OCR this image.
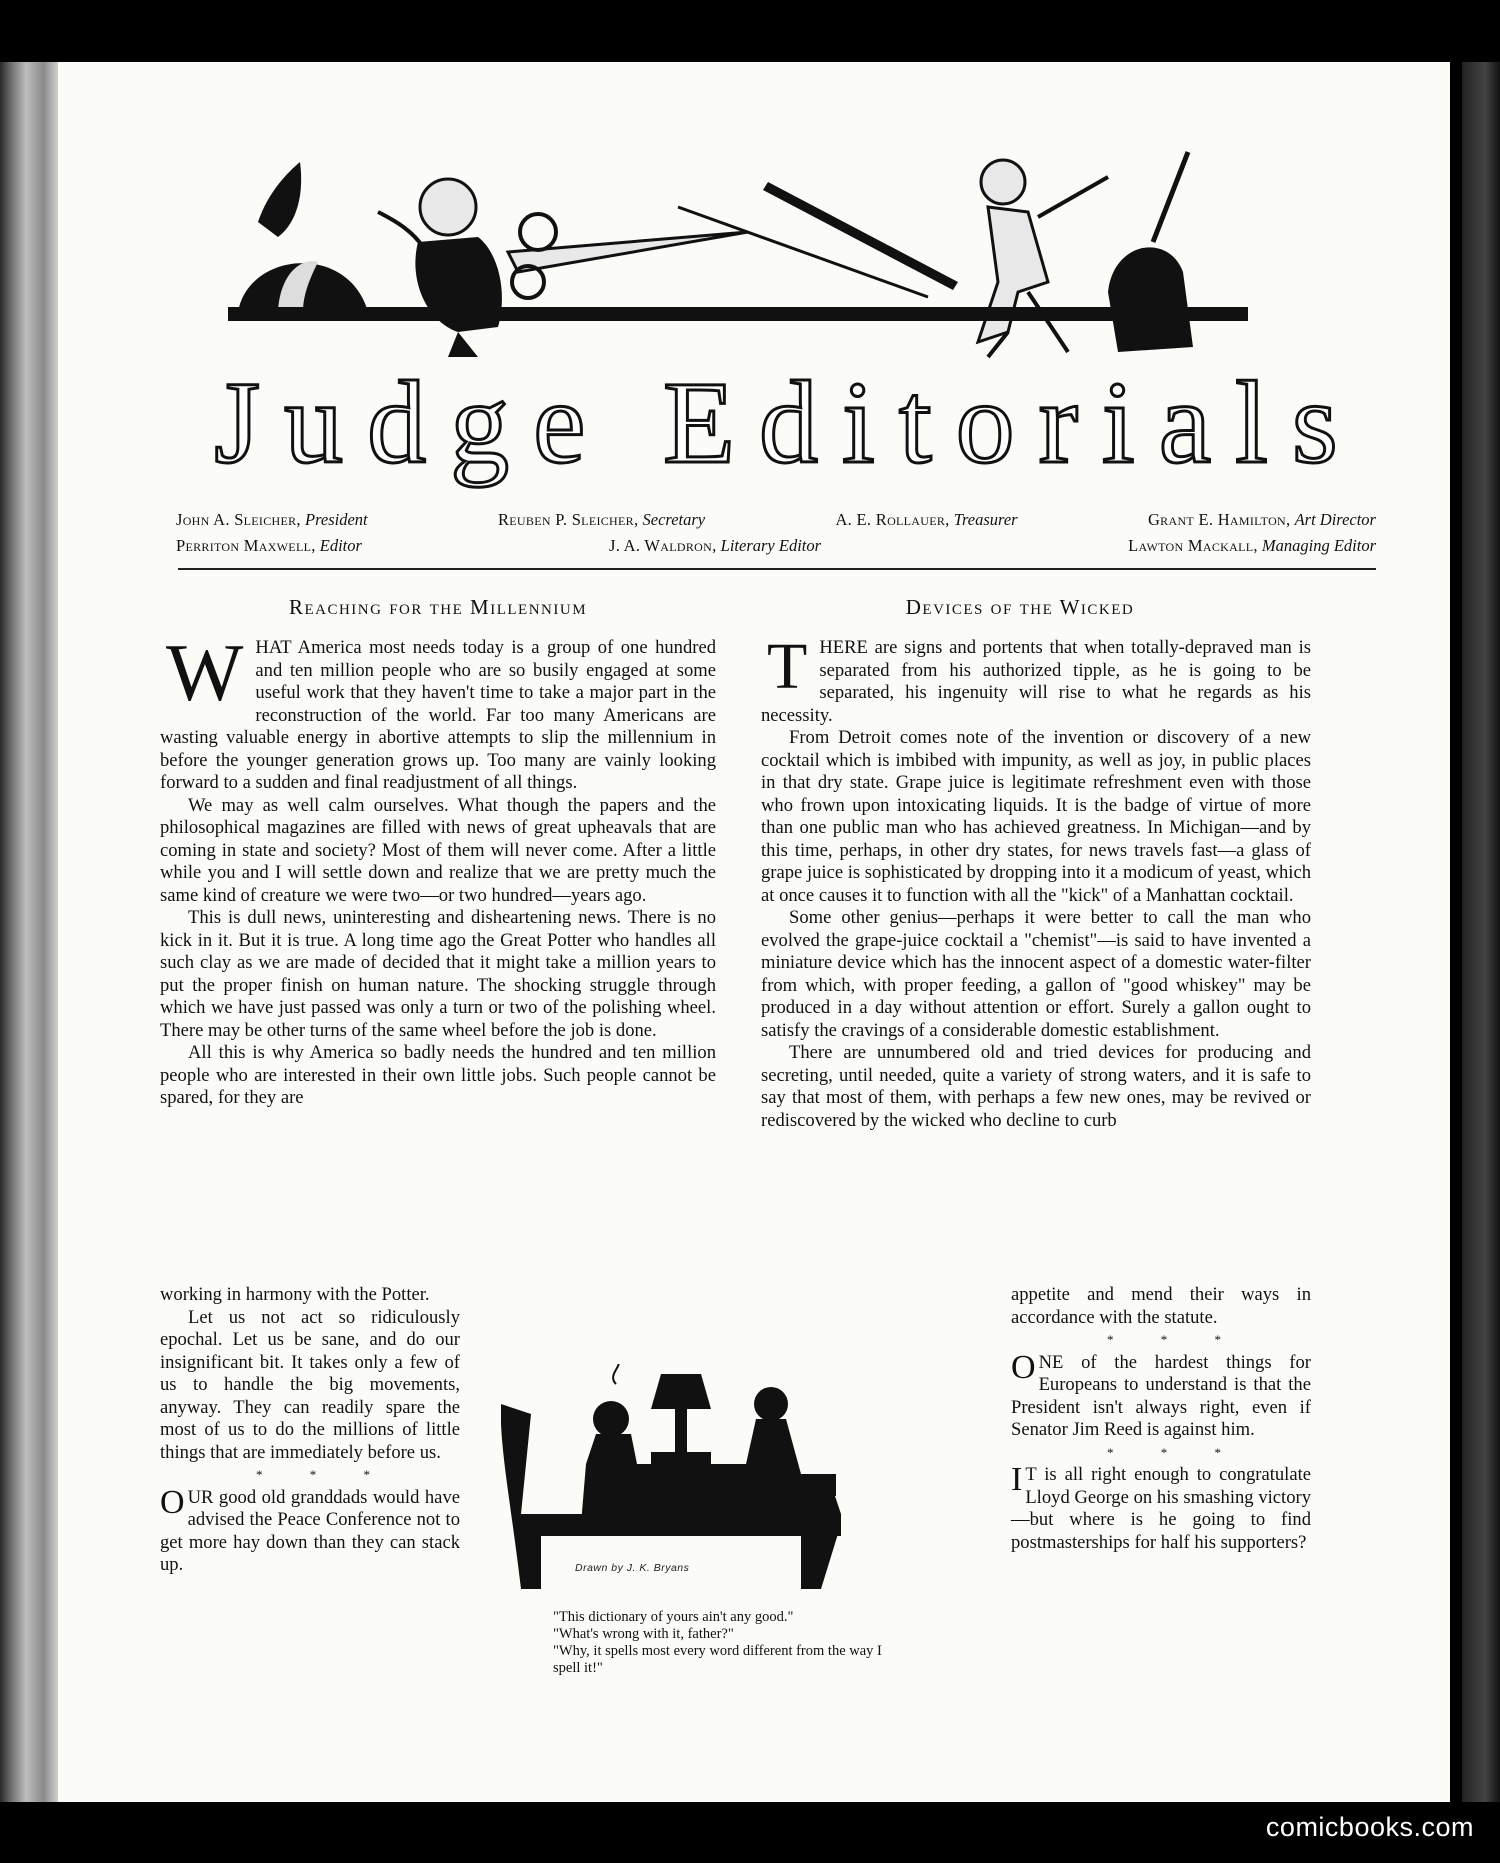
Judge Editorials
John A. Sleicher, President	Reuben P. Sleicher, Secretary	A. E. Rollauer, Treasurer	Grant E. Hamilton, Art Director
Perriton Maxwell, Editor	J. A. Waldron, Literary Editor	Lawton Mackall, Managing Editor
Reaching for the Millennium

WHAT America most needs today is a group of one hundred and ten million people who are so busily engaged at some useful work that they haven't time to take a major part in the reconstruction of the world. Far too many Americans are wasting valuable energy in abortive attempts to slip the millennium in before the younger generation grows up. Too many are vainly looking forward to a sudden and final readjustment of all things.

We may as well calm ourselves. What though the papers and the philosophical magazines are filled with news of great upheavals that are coming in state and society? Most of them will never come. After a little while you and I will settle down and realize that we are pretty much the same kind of creature we were two—or two hundred—years ago.

This is dull news, uninteresting and disheartening news. There is no kick in it. But it is true. A long time ago the Great Potter who handles all such clay as we are made of decided that it might take a million years to put the proper finish on human nature. The shocking struggle through which we have just passed was only a turn or two of the polishing wheel. There may be other turns of the same wheel before the job is done.

All this is why America so badly needs the hundred and ten million people who are interested in their own little jobs. Such people cannot be spared, for they are

working in harmony with the Potter.

Let us not act so ridiculously epochal. Let us be sane, and do our insignificant bit. It takes only a few of us to handle the big movements, anyway. They can readily spare the most of us to do the millions of little things that are immediately before us.

* * *

OUR good old granddads would have advised the Peace Conference not to get more hay down than they can stack up.

Devices of the Wicked

THERE are signs and portents that when totally-depraved man is separated from his authorized tipple, as he is going to be separated, his ingenuity will rise to what he regards as his necessity.

From Detroit comes note of the invention or discovery of a new cocktail which is imbibed with impunity, as well as joy, in public places in that dry state. Grape juice is legitimate refreshment even with those who frown upon intoxicating liquids. It is the badge of virtue of more than one public man who has achieved greatness. In Michigan—and by this time, perhaps, in other dry states, for news travels fast—a glass of grape juice is sophisticated by dropping into it a modicum of yeast, which at once causes it to function with all the "kick" of a Manhattan cocktail.

Some other genius—perhaps it were better to call the man who evolved the grape-juice cocktail a "chemist"—is said to have invented a miniature device which has the innocent aspect of a domestic water-filter from which, with proper feeding, a gallon of "good whiskey" may be produced in a day without attention or effort. Surely a gallon ought to satisfy the cravings of a considerable domestic establishment.

There are unnumbered old and tried devices for producing and secreting, until needed, quite a variety of strong waters, and it is safe to say that most of them, with perhaps a few new ones, may be revived or rediscovered by the wicked who decline to curb

appetite and mend their ways in accordance with the statute.

* * *

ONE of the hardest things for Europeans to understand is that the President isn't always right, even if Senator Jim Reed is against him.

* * *

I T is all right enough to congratulate Lloyd George on his smashing victory—but where is he going to find postmasterships for half his supporters?

Drawn by J. K. Bryans

"This dictionary of yours ain't any good."

"What's wrong with it, father?"

"Why, it spells most every word different from the way I spell it!"

comicbooks.com
